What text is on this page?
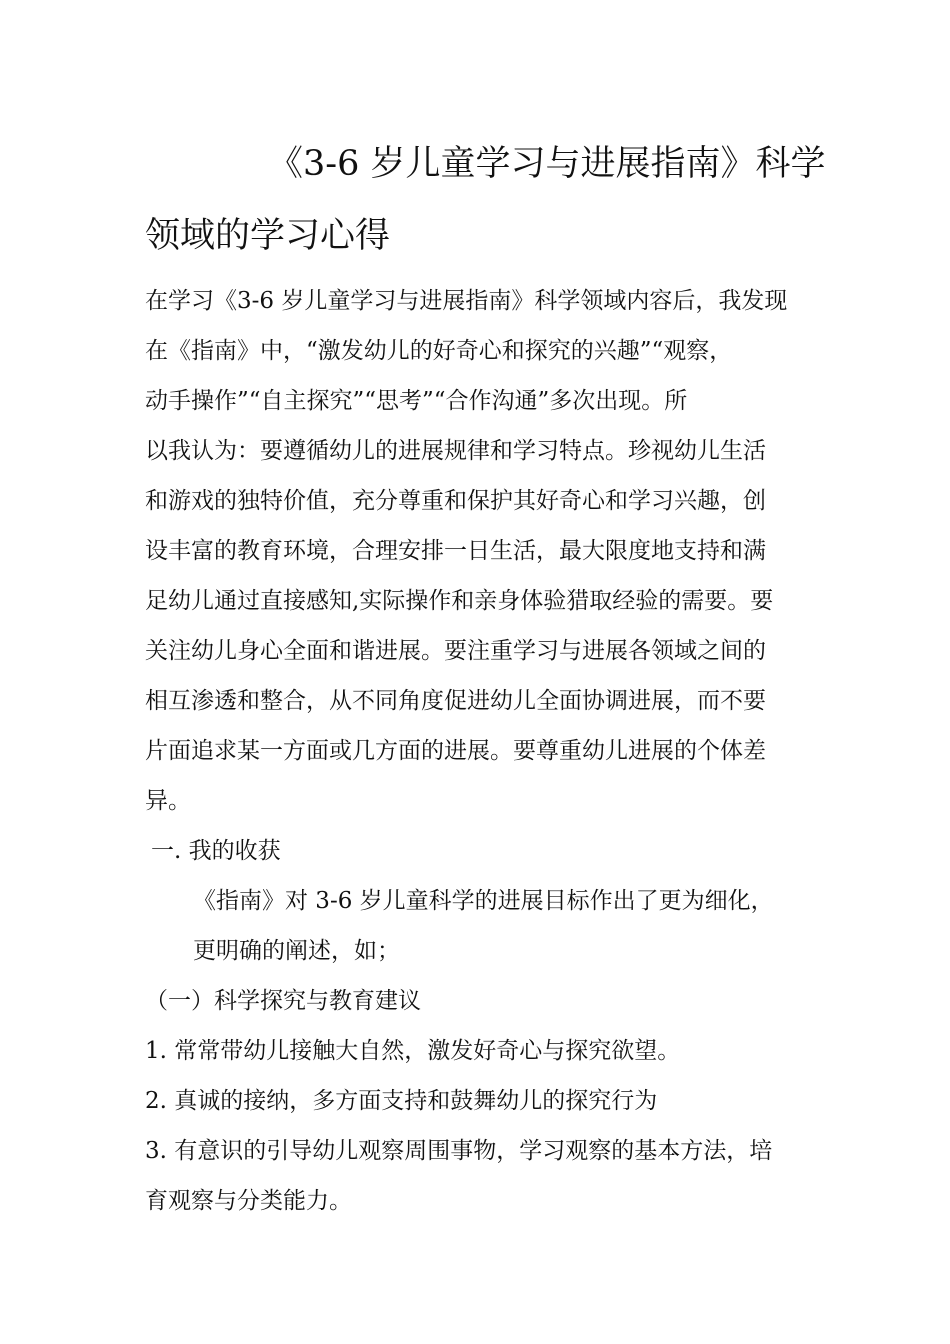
《3-6 岁儿童学习与进展指南》科学
领域的学习心得
在学习《3-6 岁儿童学习与进展指南》科学领域内容后，我发现
在《指南》中，“激发幼儿的好奇心和探究的兴趣”“观察，
动手操作”“自主探究”“思考”“合作沟通”多次出现。所
以我认为：要遵循幼儿的进展规律和学习特点。珍视幼儿生活
和游戏的独特价值，充分尊重和保护其好奇心和学习兴趣，创
设丰富的教育环境，合理安排一日生活，最大限度地支持和满
足幼儿通过直接感知,实际操作和亲身体验猎取经验的需要。要
关注幼儿身心全面和谐进展。要注重学习与进展各领域之间的
相互渗透和整合，从不同角度促进幼儿全面协调进展，而不要
片面追求某一方面或几方面的进展。要尊重幼儿进展的个体差
异。
一. 我的收获
《指南》对 3-6 岁儿童科学的进展目标作出了更为细化，
更明确的阐述，如；
（一）科学探究与教育建议
1. 常常带幼儿接触大自然，激发好奇心与探究欲望。
2. 真诚的接纳，多方面支持和鼓舞幼儿的探究行为
3. 有意识的引导幼儿观察周围事物，学习观察的基本方法，培
育观察与分类能力。
